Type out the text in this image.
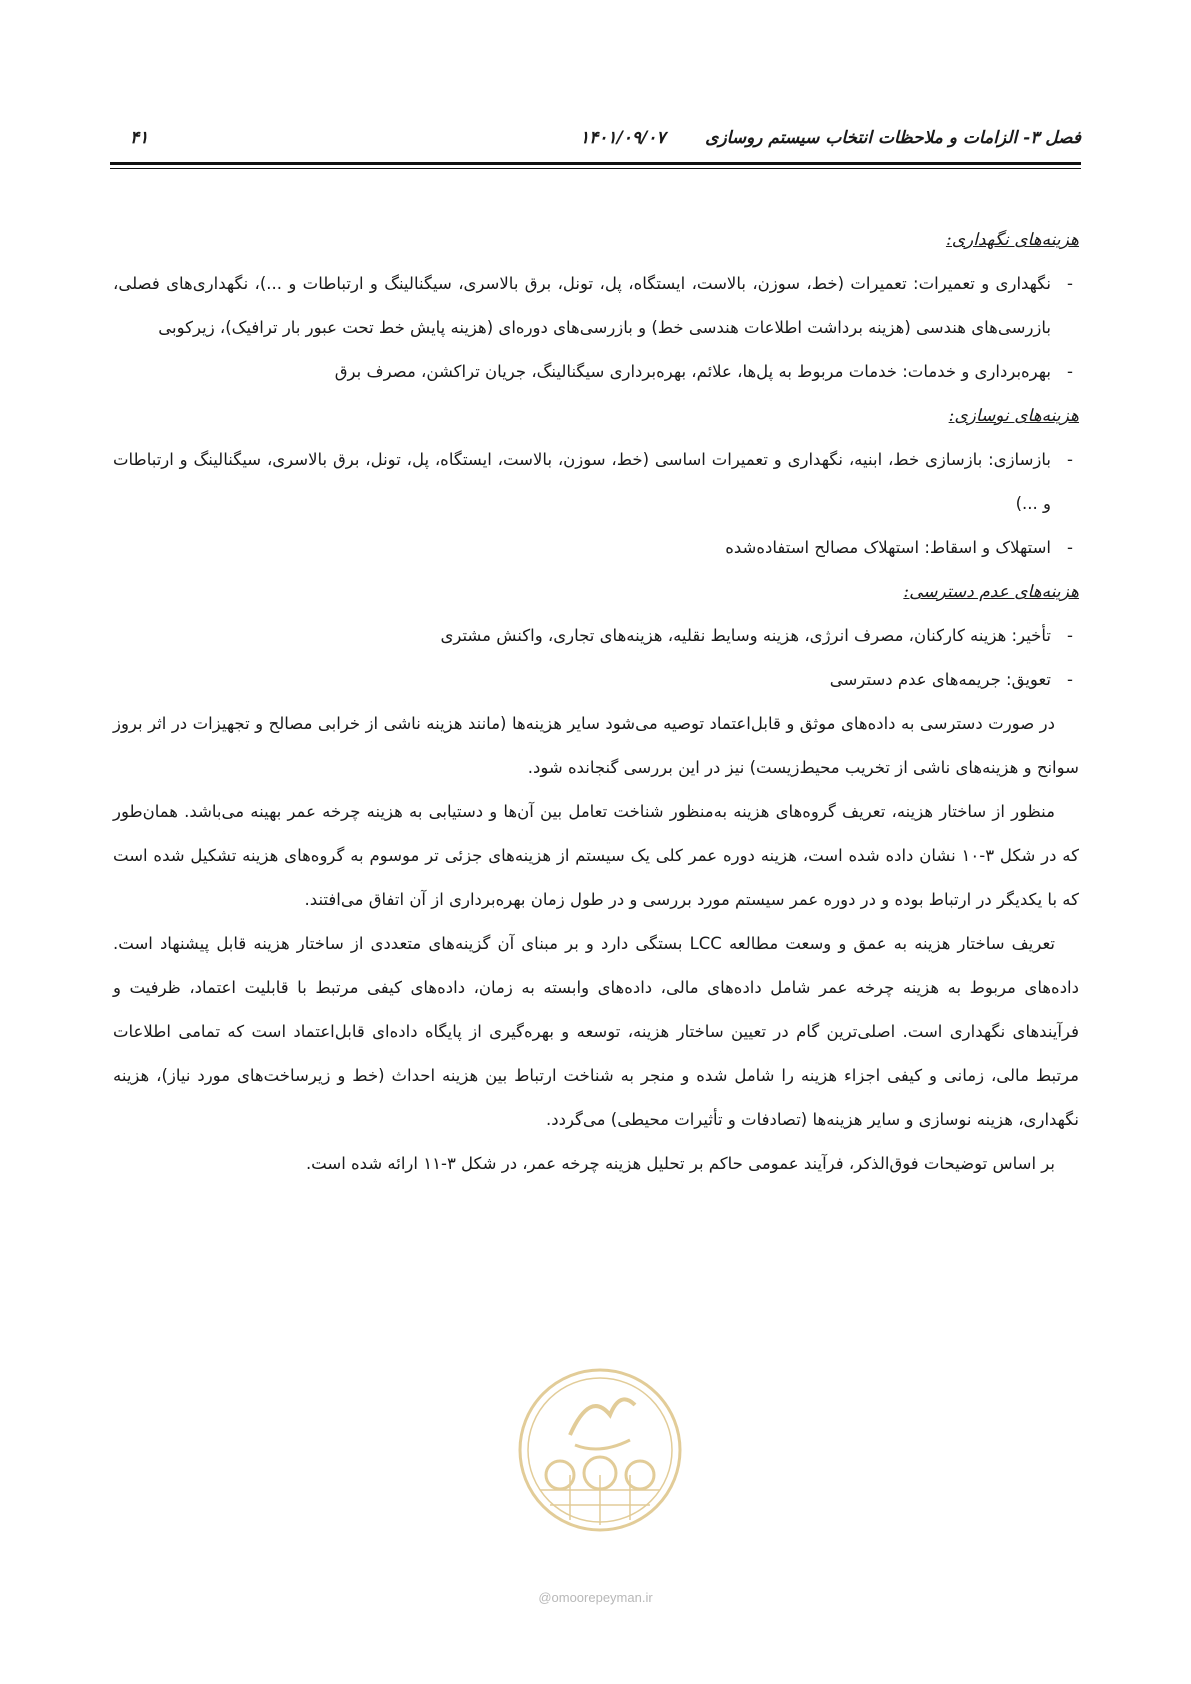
فصل ۳- الزامات و ملاحظات انتخاب سیستم روسازی
۱۴۰۱/۰۹/۰۷
۴۱
هزینه‌های نگهداری:
- نگهداری و تعمیرات: تعمیرات (خط، سوزن، بالاست، ایستگاه، پل، تونل، برق بالاسری، سیگنالینگ و ارتباطات و ...)، نگهداری‌های فصلی، بازرسی‌های هندسی (هزینه برداشت اطلاعات هندسی خط) و بازرسی‌های دوره‌ای (هزینه پایش خط تحت عبور بار ترافیک)، زیرکوبی
- بهره‌برداری و خدمات: خدمات مربوط به پل‌ها، علائم، بهره‌برداری سیگنالینگ، جریان تراکشن، مصرف برق
هزینه‌های نوسازی:
- بازسازی: بازسازی خط، ابنیه، نگهداری و تعمیرات اساسی (خط، سوزن، بالاست، ایستگاه، پل، تونل، برق بالاسری، سیگنالینگ و ارتباطات و ...)
- استهلاک و اسقاط: استهلاک مصالح استفاده‌شده
هزینه‌های عدم دسترسی:
- تأخیر: هزینه کارکنان، مصرف انرژی، هزینه وسایط نقلیه، هزینه‌های تجاری، واکنش مشتری
- تعویق: جریمه‌های عدم دسترسی

در صورت دسترسی به داده‌های موثق و قابل‌اعتماد توصیه می‌شود سایر هزینه‌ها (مانند هزینه ناشی از خرابی مصالح و تجهیزات در اثر بروز سوانح و هزینه‌های ناشی از تخریب محیط‌زیست) نیز در این بررسی گنجانده شود.

منظور از ساختار هزینه، تعریف گروه‌های هزینه به‌منظور شناخت تعامل بین آن‌ها و دستیابی به هزینه چرخه عمر بهینه می‌باشد. همان‌طور که در شکل ۳-۱۰ نشان داده شده است، هزینه دوره عمر کلی یک سیستم از هزینه‌های جزئی تر موسوم به گروه‌های هزینه تشکیل شده است که با یکدیگر در ارتباط بوده و در دوره عمر سیستم مورد بررسی و در طول زمان بهره‌برداری از آن اتفاق می‌افتند.

تعریف ساختار هزینه به عمق و وسعت مطالعه LCC بستگی دارد و بر مبنای آن گزینه‌های متعددی از ساختار هزینه قابل پیشنهاد است. داده‌های مربوط به هزینه چرخه عمر شامل داده‌های مالی، داده‌های وابسته به زمان، داده‌های کیفی مرتبط با قابلیت اعتماد، ظرفیت و فرآیندهای نگهداری است. اصلی‌ترین گام در تعیین ساختار هزینه، توسعه و بهره‌گیری از پایگاه داده‌ای قابل‌اعتماد است که تمامی اطلاعات مرتبط مالی، زمانی و کیفی اجزاء هزینه را شامل شده و منجر به شناخت ارتباط بین هزینه احداث (خط و زیرساخت‌های مورد نیاز)، هزینه نگهداری، هزینه نوسازی و سایر هزینه‌ها (تصادفات و تأثیرات محیطی) می‌گردد.

بر اساس توضیحات فوق‌الذکر، فرآیند عمومی حاکم بر تحلیل هزینه چرخه عمر، در شکل ۳-۱۱ ارائه شده است.

@omoorepeyman.ir
